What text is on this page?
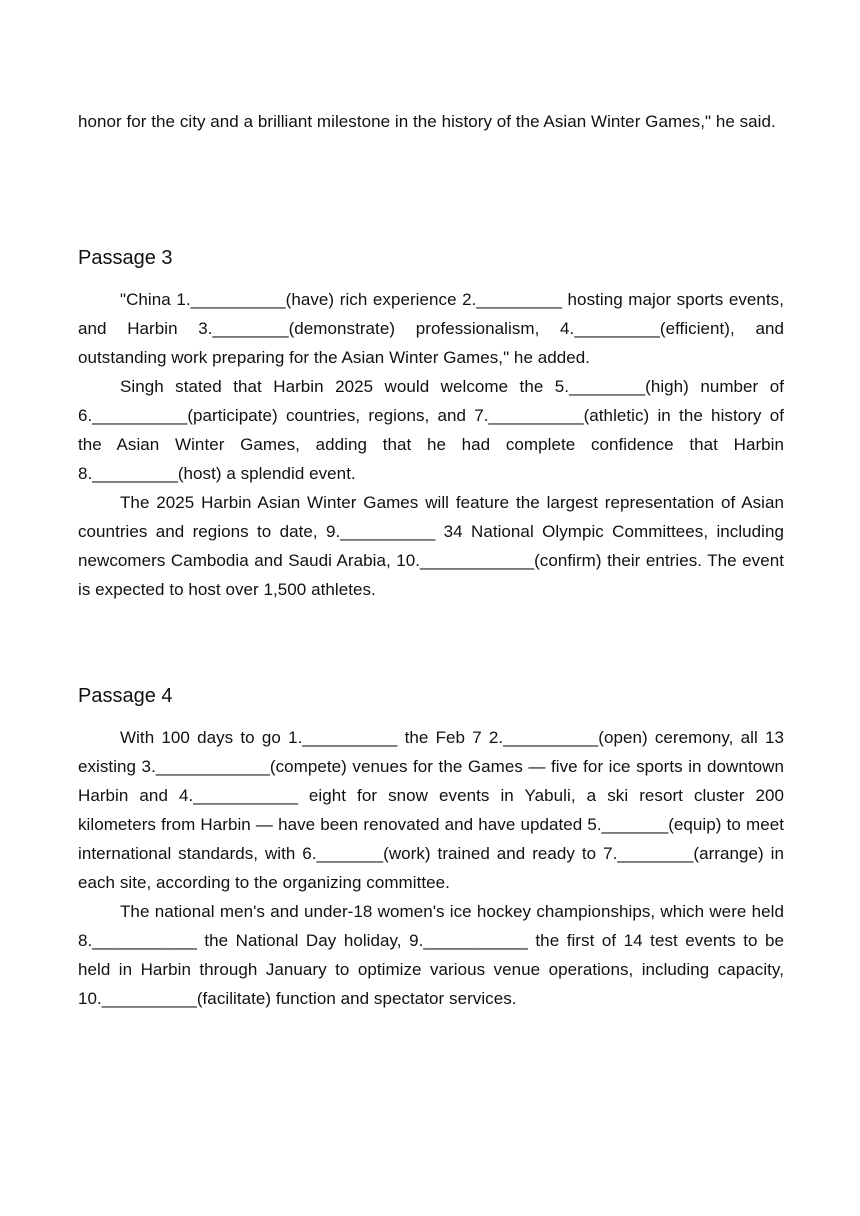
honor for the city and a brilliant milestone in the history of the Asian Winter Games," he said.

Passage 3

"China 1.__________(have) rich experience 2._________ hosting major sports events, and Harbin 3.________(demonstrate) professionalism, 4._________(efficient), and outstanding work preparing for the Asian Winter Games," he added.

Singh stated that Harbin 2025 would welcome the 5.________(high) number of 6.__________(participate) countries, regions, and 7.__________(athletic) in the history of the Asian Winter Games, adding that he had complete confidence that Harbin 8._________(host) a splendid event.

The 2025 Harbin Asian Winter Games will feature the largest representation of Asian countries and regions to date, 9.__________ 34 National Olympic Committees, including newcomers Cambodia and Saudi Arabia, 10.____________(confirm) their entries. The event is expected to host over 1,500 athletes.

Passage 4

With 100 days to go 1.__________ the Feb 7 2.__________(open) ceremony, all 13 existing 3.____________(compete) venues for the Games — five for ice sports in downtown Harbin and 4.___________ eight for snow events in Yabuli, a ski resort cluster 200 kilometers from Harbin — have been renovated and have updated 5._______(equip) to meet international standards, with 6._______(work) trained and ready to 7.________(arrange) in each site, according to the organizing committee.

The national men's and under-18 women's ice hockey championships, which were held 8.___________ the National Day holiday, 9.___________ the first of 14 test events to be held in Harbin through January to optimize various venue operations, including capacity, 10.__________(facilitate) function and spectator services.
